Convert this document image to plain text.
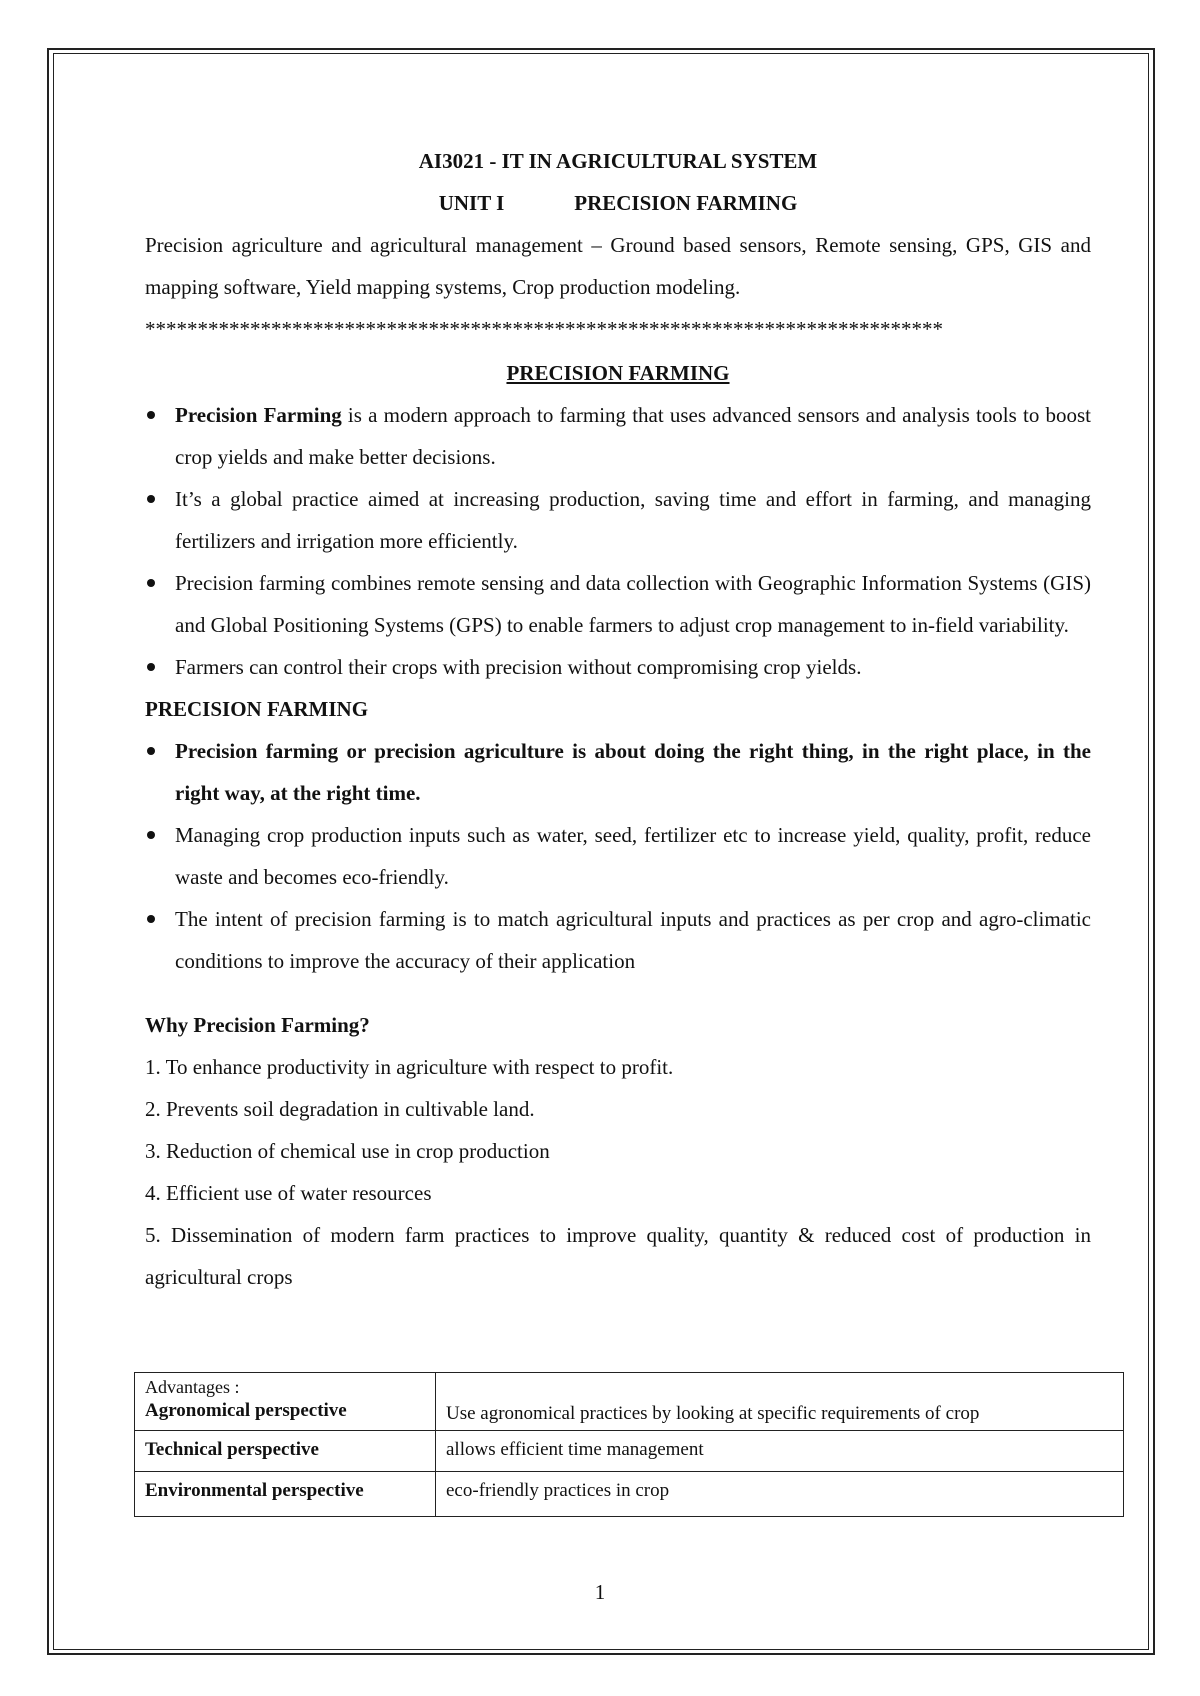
AI3021 - IT IN AGRICULTURAL SYSTEM
UNIT I	PRECISION FARMING
Precision agriculture and agricultural management – Ground based sensors, Remote sensing, GPS, GIS and mapping software, Yield mapping systems, Crop production modeling.
****************************************************************************
PRECISION FARMING
Precision Farming is a modern approach to farming that uses advanced sensors and analysis tools to boost crop yields and make better decisions.
It’s a global practice aimed at increasing production, saving time and effort in farming, and managing fertilizers and irrigation more efficiently.
Precision farming combines remote sensing and data collection with Geographic Information Systems (GIS) and Global Positioning Systems (GPS) to enable farmers to adjust crop management to in-field variability.
Farmers can control their crops with precision without compromising crop yields.
PRECISION FARMING
Precision farming or precision agriculture is about doing the right thing, in the right place, in the right way, at the right time.
Managing crop production inputs such as water, seed, fertilizer etc to increase yield, quality, profit, reduce waste and becomes eco-friendly.
The intent of precision farming is to match agricultural inputs and practices as per crop and agro-climatic conditions to improve the accuracy of their application
Why Precision Farming?
1. To enhance productivity in agriculture with respect to profit.
2. Prevents soil degradation in cultivable land.
3. Reduction of chemical use in crop production
4. Efficient use of water resources
5. Dissemination of modern farm practices to improve quality, quantity & reduced cost of production in agricultural crops
Advantages :
Agronomical perspective	Use agronomical practices by looking at specific requirements of crop
Technical perspective	allows efficient time management
Environmental perspective	eco-friendly practices in crop
1
